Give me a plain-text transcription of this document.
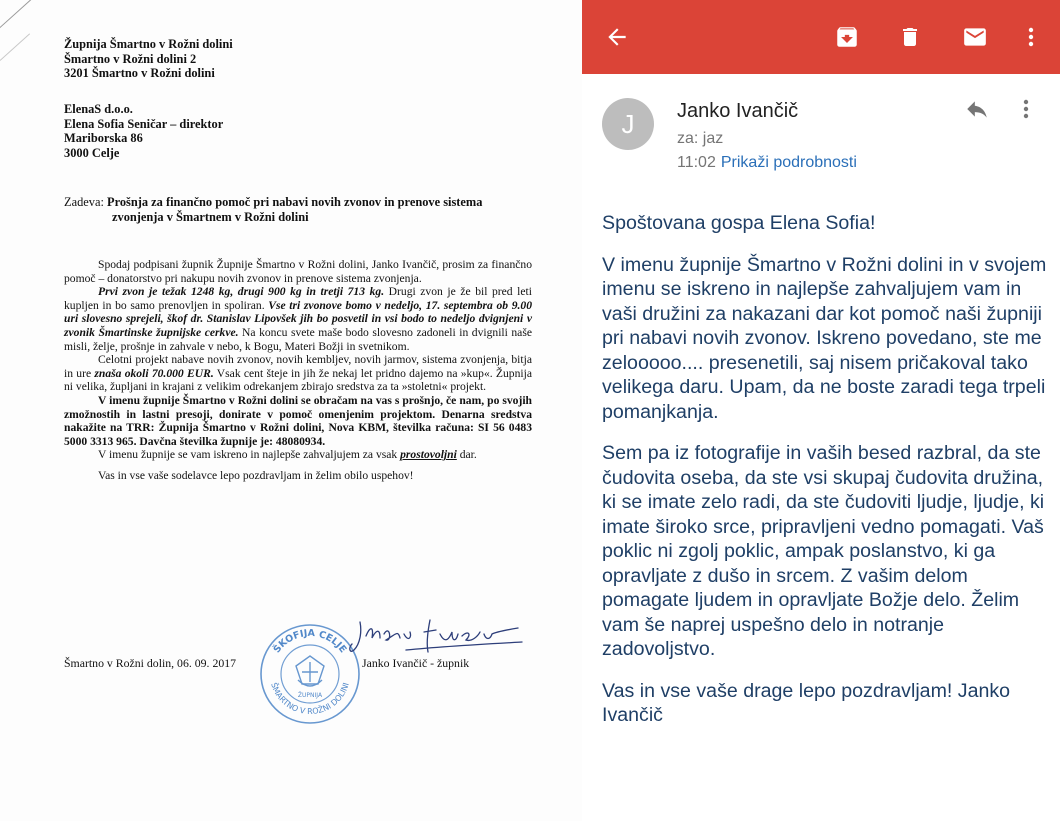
Župnija Šmartno v Rožni dolini
Šmartno v Rožni dolini 2
3201 Šmartno v Rožni dolini
ElenaS d.o.o.
Elena Sofia Seničar – direktor
Mariborska 86
3000 Celje
Zadeva: Prošnja za finančno pomoč pri nabavi novih zvonov in prenove sistema
zvonjenja v Šmartnem v Rožni dolini

Spodaj podpisani župnik Župnije Šmartno v Rožni dolini, Janko Ivančič, prosim za finančno pomoč – donatorstvo pri nakupu novih zvonov in prenove sistema zvonjenja.

Prvi zvon je težak 1248 kg, drugi 900 kg in tretji 713 kg. Drugi zvon je že bil pred leti kupljen in bo samo prenovljen in spoliran. Vse tri zvonove bomo v nedeljo, 17. septembra ob 9.00 uri slovesno sprejeli, škof dr. Stanislav Lipovšek jih bo posvetil in vsi bodo to nedeljo dvignjeni v zvonik Šmartinske župnijske cerkve. Na koncu svete maše bodo slovesno zadoneli in dvignili naše misli, želje, prošnje in zahvale v nebo, k Bogu, Materi Božji in svetnikom.

Celotni projekt nabave novih zvonov, novih kembljev, novih jarmov, sistema zvonjenja, bitja in ure znaša okoli 70.000 EUR. Vsak cent šteje in jih že nekaj let pridno dajemo na »kup«. Župnija ni velika, župljani in krajani z velikim odrekanjem zbirajo sredstva za ta »stoletni« projekt.

V imenu župnije Šmartno v Rožni dolini se obračam na vas s prošnjo, če nam, po svojih zmožnostih in lastni presoji, donirate v pomoč omenjenim projektom. Denarna sredstva nakažite na TRR: Župnija Šmartno v Rožni dolini, Nova KBM, številka računa: SI 56 0483 5000 3313 965. Davčna številka župnije je: 48080934.

V imenu župnije se vam iskreno in najlepše zahvaljujem za vsak prostovoljni dar.

Vas in vse vaše sodelavce lepo pozdravljam in želim obilo uspehov!

Šmartno v Rožni dolin, 06. 09. 2017
ŠKOFIJA CELJE
ŠMARTNO V ROŽNI DOLINI
ŽUPNIJA
Janko Ivančič - župnik
J	Janko Ivančič
za: jaz
11:02 Prikaži podrobnosti

Spoštovana gospa Elena Sofia!

V imenu župnije Šmartno v Rožni dolini in v svojem imenu se iskreno in najlepše zahvaljujem vam in vaši družini za nakazani dar kot pomoč naši župniji pri nabavi novih zvonov. Iskreno povedano, ste me zelooooo.... presenetili, saj nisem pričakoval tako velikega daru. Upam, da ne boste zaradi tega trpeli pomanjkanja.

Sem pa iz fotografije in vaših besed razbral, da ste čudovita oseba, da ste vsi skupaj čudovita družina, ki se imate zelo radi, da ste čudoviti ljudje, ljudje, ki imate široko srce, pripravljeni vedno pomagati. Vaš poklic ni zgolj poklic, ampak poslanstvo, ki ga opravljate z dušo in srcem. Z vašim delom pomagate ljudem in opravljate Božje delo. Želim vam še naprej uspešno delo in notranje zadovoljstvo.

Vas in vse vaše drage lepo pozdravljam! Janko Ivančič
